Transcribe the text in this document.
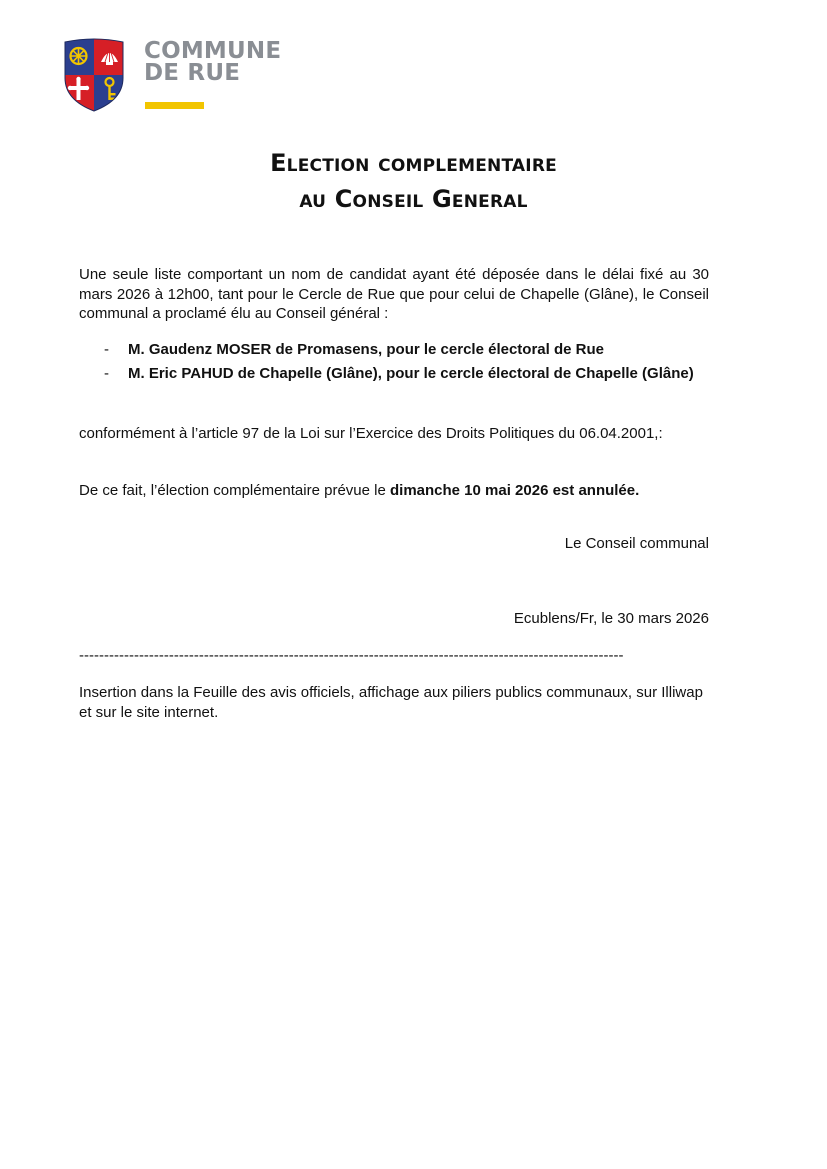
COMMUNE
DE RUE
Election complementaire
au Conseil General
Une seule liste comportant un nom de candidat ayant été déposée dans le délai fixé au 30 mars 2026 à 12h00, tant pour le Cercle de Rue que pour celui de Chapelle (Glâne), le Conseil communal a proclamé élu au Conseil général :
- M. Gaudenz MOSER de Promasens, pour le cercle électoral de Rue
- M. Eric PAHUD de Chapelle (Glâne), pour le cercle électoral de Chapelle (Glâne)
conformément à l’article 97 de la Loi sur l’Exercice des Droits Politiques du 06.04.2001,:
De ce fait, l’élection complémentaire prévue le dimanche 10 mai 2026 est annulée.
Le Conseil communal
Ecublens/Fr, le 30 mars 2026
-------------------------------------------------------------------------------------------------------------
Insertion dans la Feuille des avis officiels, affichage aux piliers publics communaux, sur Illiwap et sur le site internet.
